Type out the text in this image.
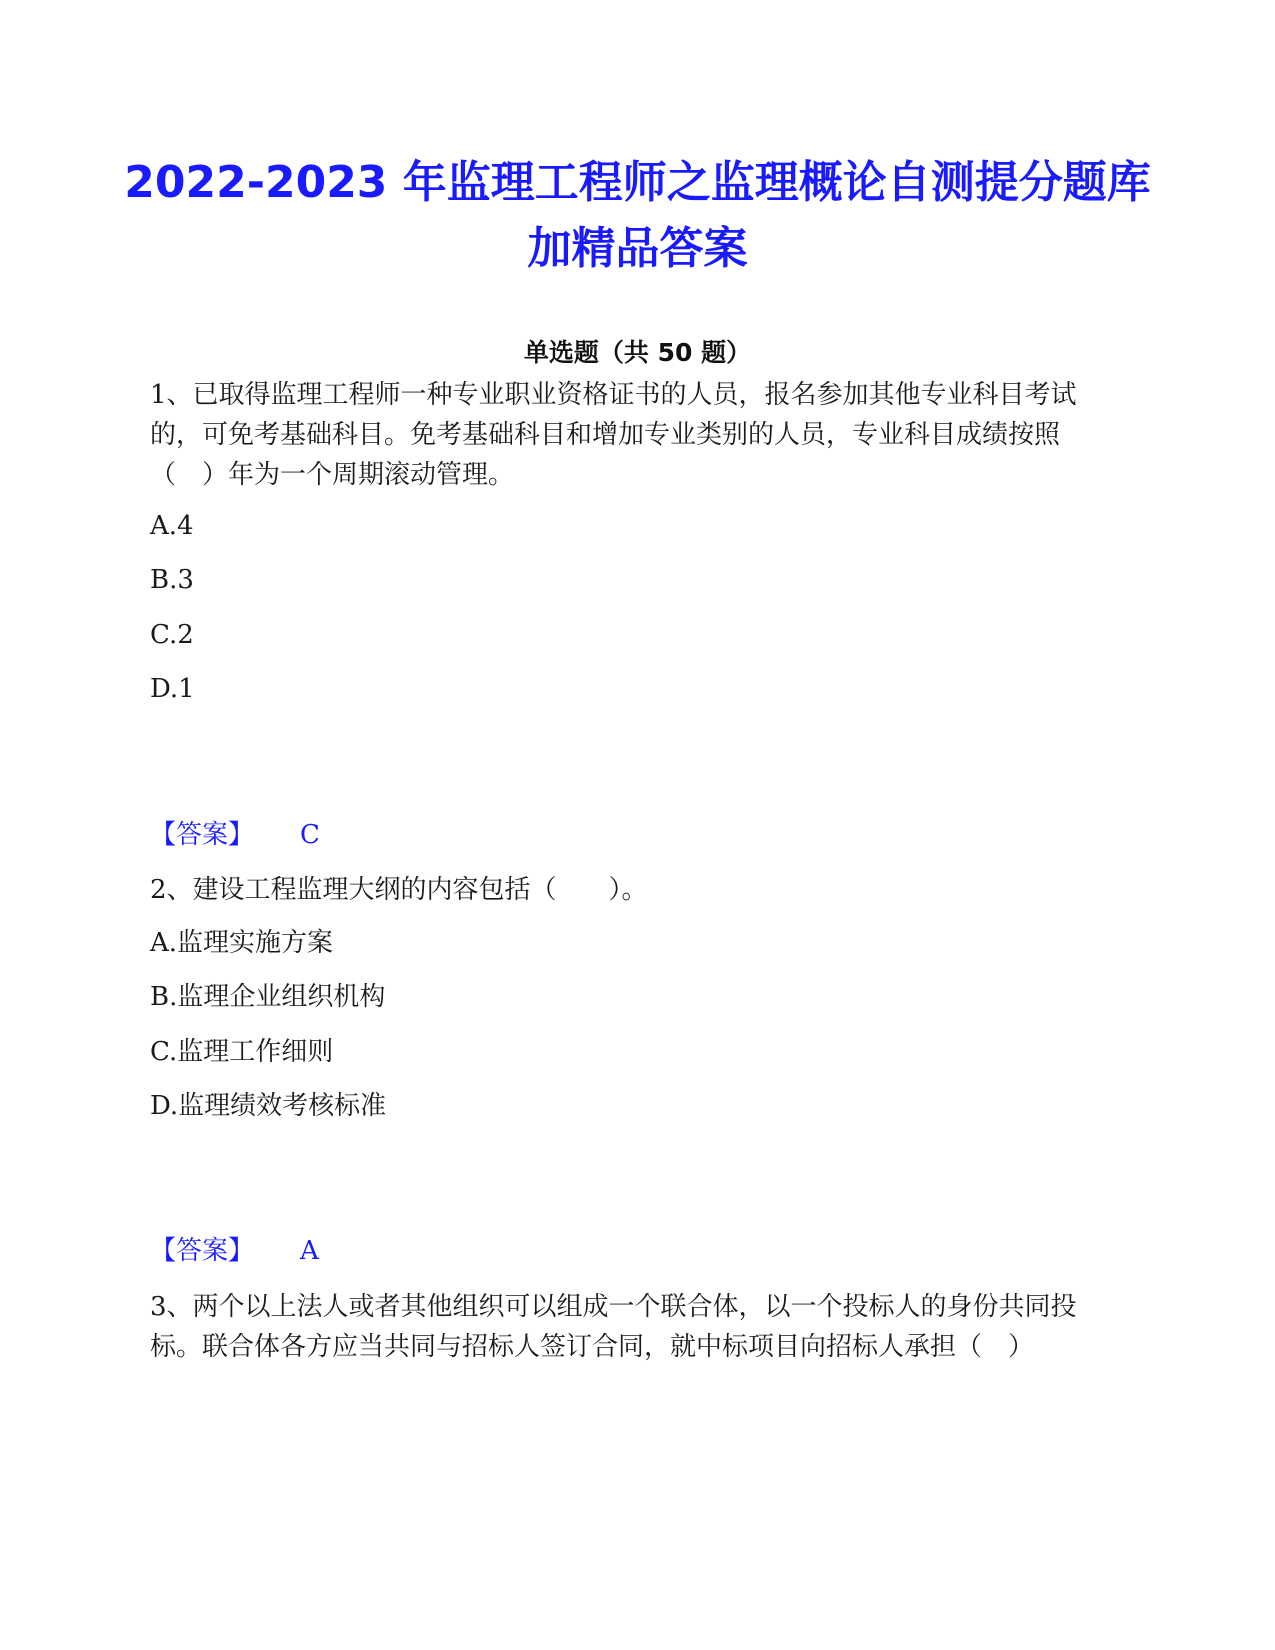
2022-2023 年监理工程师之监理概论自测提分题库加精品答案
单选题（共 50 题）
1、已取得监理工程师一种专业职业资格证书的人员，报名参加其他专业科目考试的，可免考基础科目。免考基础科目和增加专业类别的人员，专业科目成绩按照（　）年为一个周期滚动管理。
A.4
B.3
C.2
D.1
【答案】 C
2、建设工程监理大纲的内容包括（　　）。
A.监理实施方案
B.监理企业组织机构
C.监理工作细则
D.监理绩效考核标准
【答案】 A
3、两个以上法人或者其他组织可以组成一个联合体，以一个投标人的身份共同投标。联合体各方应当共同与招标人签订合同，就中标项目向招标人承担（　）
